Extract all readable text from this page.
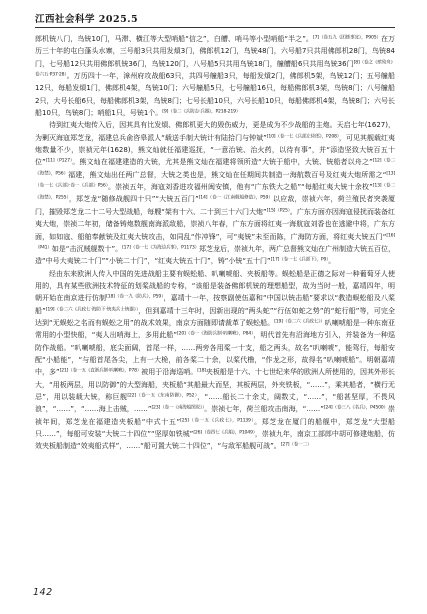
江西社会科学 2025.5

郎机铳八门，鸟铳10门，马滞、横江等大型哨船“信之”，白艚、哨马等小型哨船“半之”。$^{[7](卷五九《团练事宜》,P905)}$在万历三十年的屯白蓬头水寨，三号船3只共用发熕3门，佛郎机12门，鸟铳48门，六号船7只共用佛郎机28门，鸟铳84门，七号船12只共用佛郎机铳36门，鸟铳120门，八号船5只共用鸟铳18门，艟艚船6只共用鸟铳36门$^{[8](卷之《殡殓舟》卷六五\cdot P37\cdot 28)}$。万历四十一年，漳州府攻战船63只，共四号艟船3只，每船发熕2门，佛郎机5架，鸟铳12门；五号艟船12只，每船发熕1门，佛郎机4架，鸟铳10门；六号艟船5只，七号艟船16只，每船佛郎机3架，鸟铳8门；八号艟船2只，大号长船6只，每船佛郎机3架，鸟铳8门；七号长船10只，六号长船10只，每船佛郎机4架，鸟铳8门；六号长船10只，鸟铳8门；哨船1只，号铳1个。$^{[9](卷二《兵防志\cdot 兵器》,P218-219)}$

待到红夷大炮传入后，因其具有比发熕、佛郎机更大的毁伤威力，更是成为不少战船的主炮。天启七年(1627)，为剿灭海寇郑芝龙，福建总兵俞咨皋派人“载送手制大铳计有陆拾门与钟斌”$^{[10](卷一七《兵部左侍郎》,P208)}$，可见其舰载红夷炮数量不少，崇祯元年(1628)，熊文灿就任福建巡抚，“一意治铳、治火药，以待有事”，并“添造坚致大铳百五十位”$^{[11](P127)}$。熊文灿在福建建造的大铳，尤其是熊文灿在福建将领所造“大铳于船中，大铳、铳船者以舟之”$^{[12](卷二《海禁》,P56)}$福建，熊文灿出任两广总督，大铳之类也是，熊文灿在任期间共制造一海航数百号及红夷大炮所需之“$^{[13](卷一七《兵部》\cdot 卷一《兵部》P56)}$。崇祯五年，海寇刘香进攻福州闽安镇，他有“广东铁大之船”“每船红夷大铳十余枚”$^{[13](卷二《海禁》,P255)}$，郑芝龙“随修战舰四十只”“大铳五百门”$^{[14](卷一《江南舰船修造》,P59)}$以应敌，崇祯六年，荷兰殖民者突袭厦门，摧毁郑芝龙二十二号大型战船，每艘“架有十六、二十到三十六门大炮”$^{[15](P25)}$。广东方面亦因海寇侵扰而装备红夷大炮，崇祯二年初，储备铸炮数舰南海派敌船，崇祯八年春，广东方面将红夷一海航寇刘香也在逃避中将，广东方面，如如寇、船舶奉献铳及红夷大铳攻击，如同乱“作冲锋”，可“夷铳”未至而陈，广海防方面，将红夷大铳五门“$^{[16](P41)}$如是“击沉贼舰数十”。$^{[17](卷一七《为海边兵事》,P1173)}$郑芝龙后，崇祯九年，两广总督熊文灿在广州制造大铳五百位，造“中号大夷铳二十门”“小铳二十门”，“红夷大铳五十门”，铸“小铳“五十门”$^{[17](卷一七《兵部下》,P9)}$。

经由东来欧洲人传入中国的先进战船主要有蜈蚣船、叭喇唬船、夹板船等。蜈蚣船是正德之际对一种葡萄牙人使用的，具有某些欧洲技术特征的划桨战船的专称，“该船是装备佛郎机铳的理想船型，故为当时一般，嘉靖四年，明朝开始在南京进行仿制$^{[18](卷一九《防兵》,P59)}$，嘉靖十一年，按察副使伍嘉和“中国以铳击船”要求以“教造蜈蚣船及八桨船”$^{[19](卷二六《兵政七\cdot 海防下\cdot 铳夷兵士铳器》)}$，但到嘉靖十三年时，因新出现的“两头蛇”“行伍如蛇之势”的“蛇行船”等，可完全达到“无蜈蚣之名而有蜈蚣之用”的战术效果，南京方面随即请裁革了蜈蚣船。$^{[19](卷二六《兵政七》)}$叭喇唬船是一种东南亚常用的小型快船，“夷人出哨海上，多用此船”$^{[20](卷一《海防兵制\cdot 叭喇唬》,P84)}$，明代首先有沿海地方引入，并装备为一种巡防作战船。“叭喇唬船，底尖面阔，首尾一样，……两旁各用桨一十支，船之两头，故名“叭喇唬”，能驾行，每船安配“小船能”，“与船首尾各尖，上有一大桅，前各桨二十余，以桨代橹，“作龙之形，故得名“叭喇唬船”。明朝嘉靖中，多”$^{[21](卷一五《直浙兵制\cdot 叭喇唬》,P78)}$被用于沿海巡哨。[18]夹板船是十六、十七世纪来华的欧洲人所使用的，因其外形长大，“用板两层，用以防御”的大型海船，夹板船“其船最大而坚，其板两层，外夹铁板，“……”，乘其船者，“横行无忌”，用以装载大铳，称巨舰$^{[22](卷一五《东南防御》,P52)}$，“……船长二十余丈，阔数丈，“……”，“船甚坚厚，不畏风浪”，“……”，“……海上击贼，……”$^{[23](卷一《南海船图说》)}$。崇祯七年，荷兰船攻击南海，“……”$^{[24](卷三八《名兵》,P4500)}$崇祯年间，郑芝龙在福建造夹板船“中式十五”$^{[25](卷一五《兵政七》,P1139)}$。郑芝龙在厦门的船舰中，郑芝龙“大型船只……”，每船可安装“大铳二十四位”“坚厚如铁城”$^{[26](卷四七《兵船》,P1049)}$，崇祯九年，南京工部郎中胡可修建炮船，仿效夹板船制造“效夷船式样”，……“船可置大铳二十四位”，“与敌军船舰可战”。$^{[27](卷一二)}$

142
